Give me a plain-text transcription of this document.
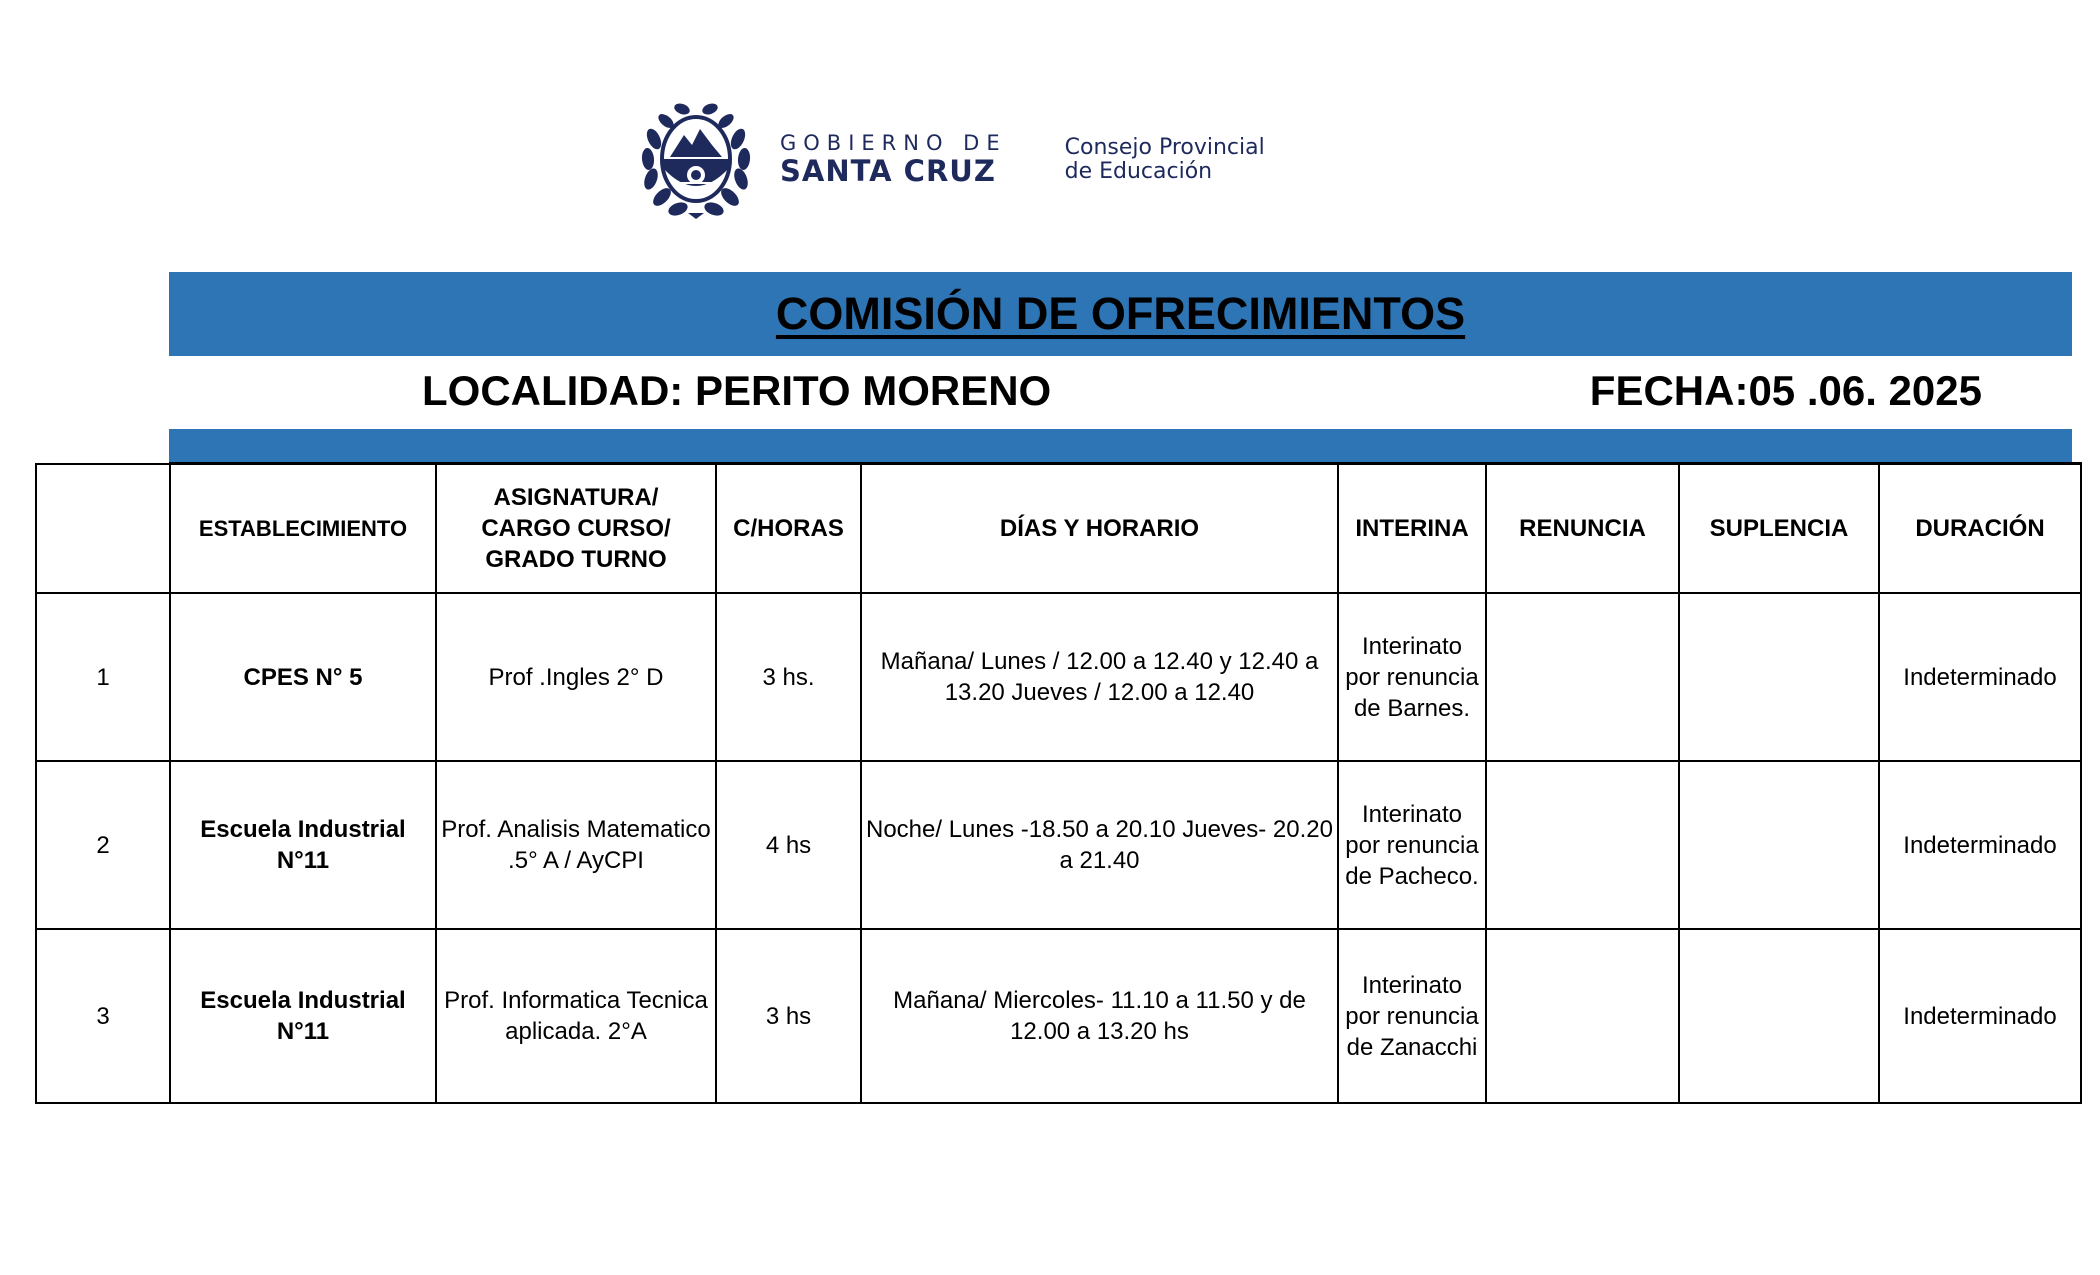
GOBIERNO DE
SANTA CRUZ
Consejo Provincial
de Educación
COMISIÓN DE OFRECIMIENTOS
LOCALIDAD: PERITO MORENO	FECHA:05 .06. 2025
	ESTABLECIMIENTO	ASIGNATURA/
CARGO CURSO/
GRADO TURNO	C/HORAS	DÍAS Y HORARIO	INTERINA	RENUNCIA	SUPLENCIA	DURACIÓN
1	CPES N° 5	Prof .Ingles 2° D	3 hs.	Mañana/ Lunes / 12.00 a 12.40 y 12.40 a 13.20 Jueves / 12.00 a 12.40	Interinato por renuncia de Barnes.			Indeterminado
2	Escuela Industrial
N°11	Prof. Analisis Matematico .5° A / AyCPI	4 hs	Noche/ Lunes -18.50 a 20.10 Jueves- 20.20 a 21.40	Interinato por renuncia de Pacheco.			Indeterminado
3	Escuela Industrial
N°11	Prof. Informatica Tecnica aplicada. 2°A	3 hs	Mañana/ Miercoles- 11.10 a 11.50 y de 12.00 a 13.20 hs	Interinato por renuncia de Zanacchi			Indeterminado
